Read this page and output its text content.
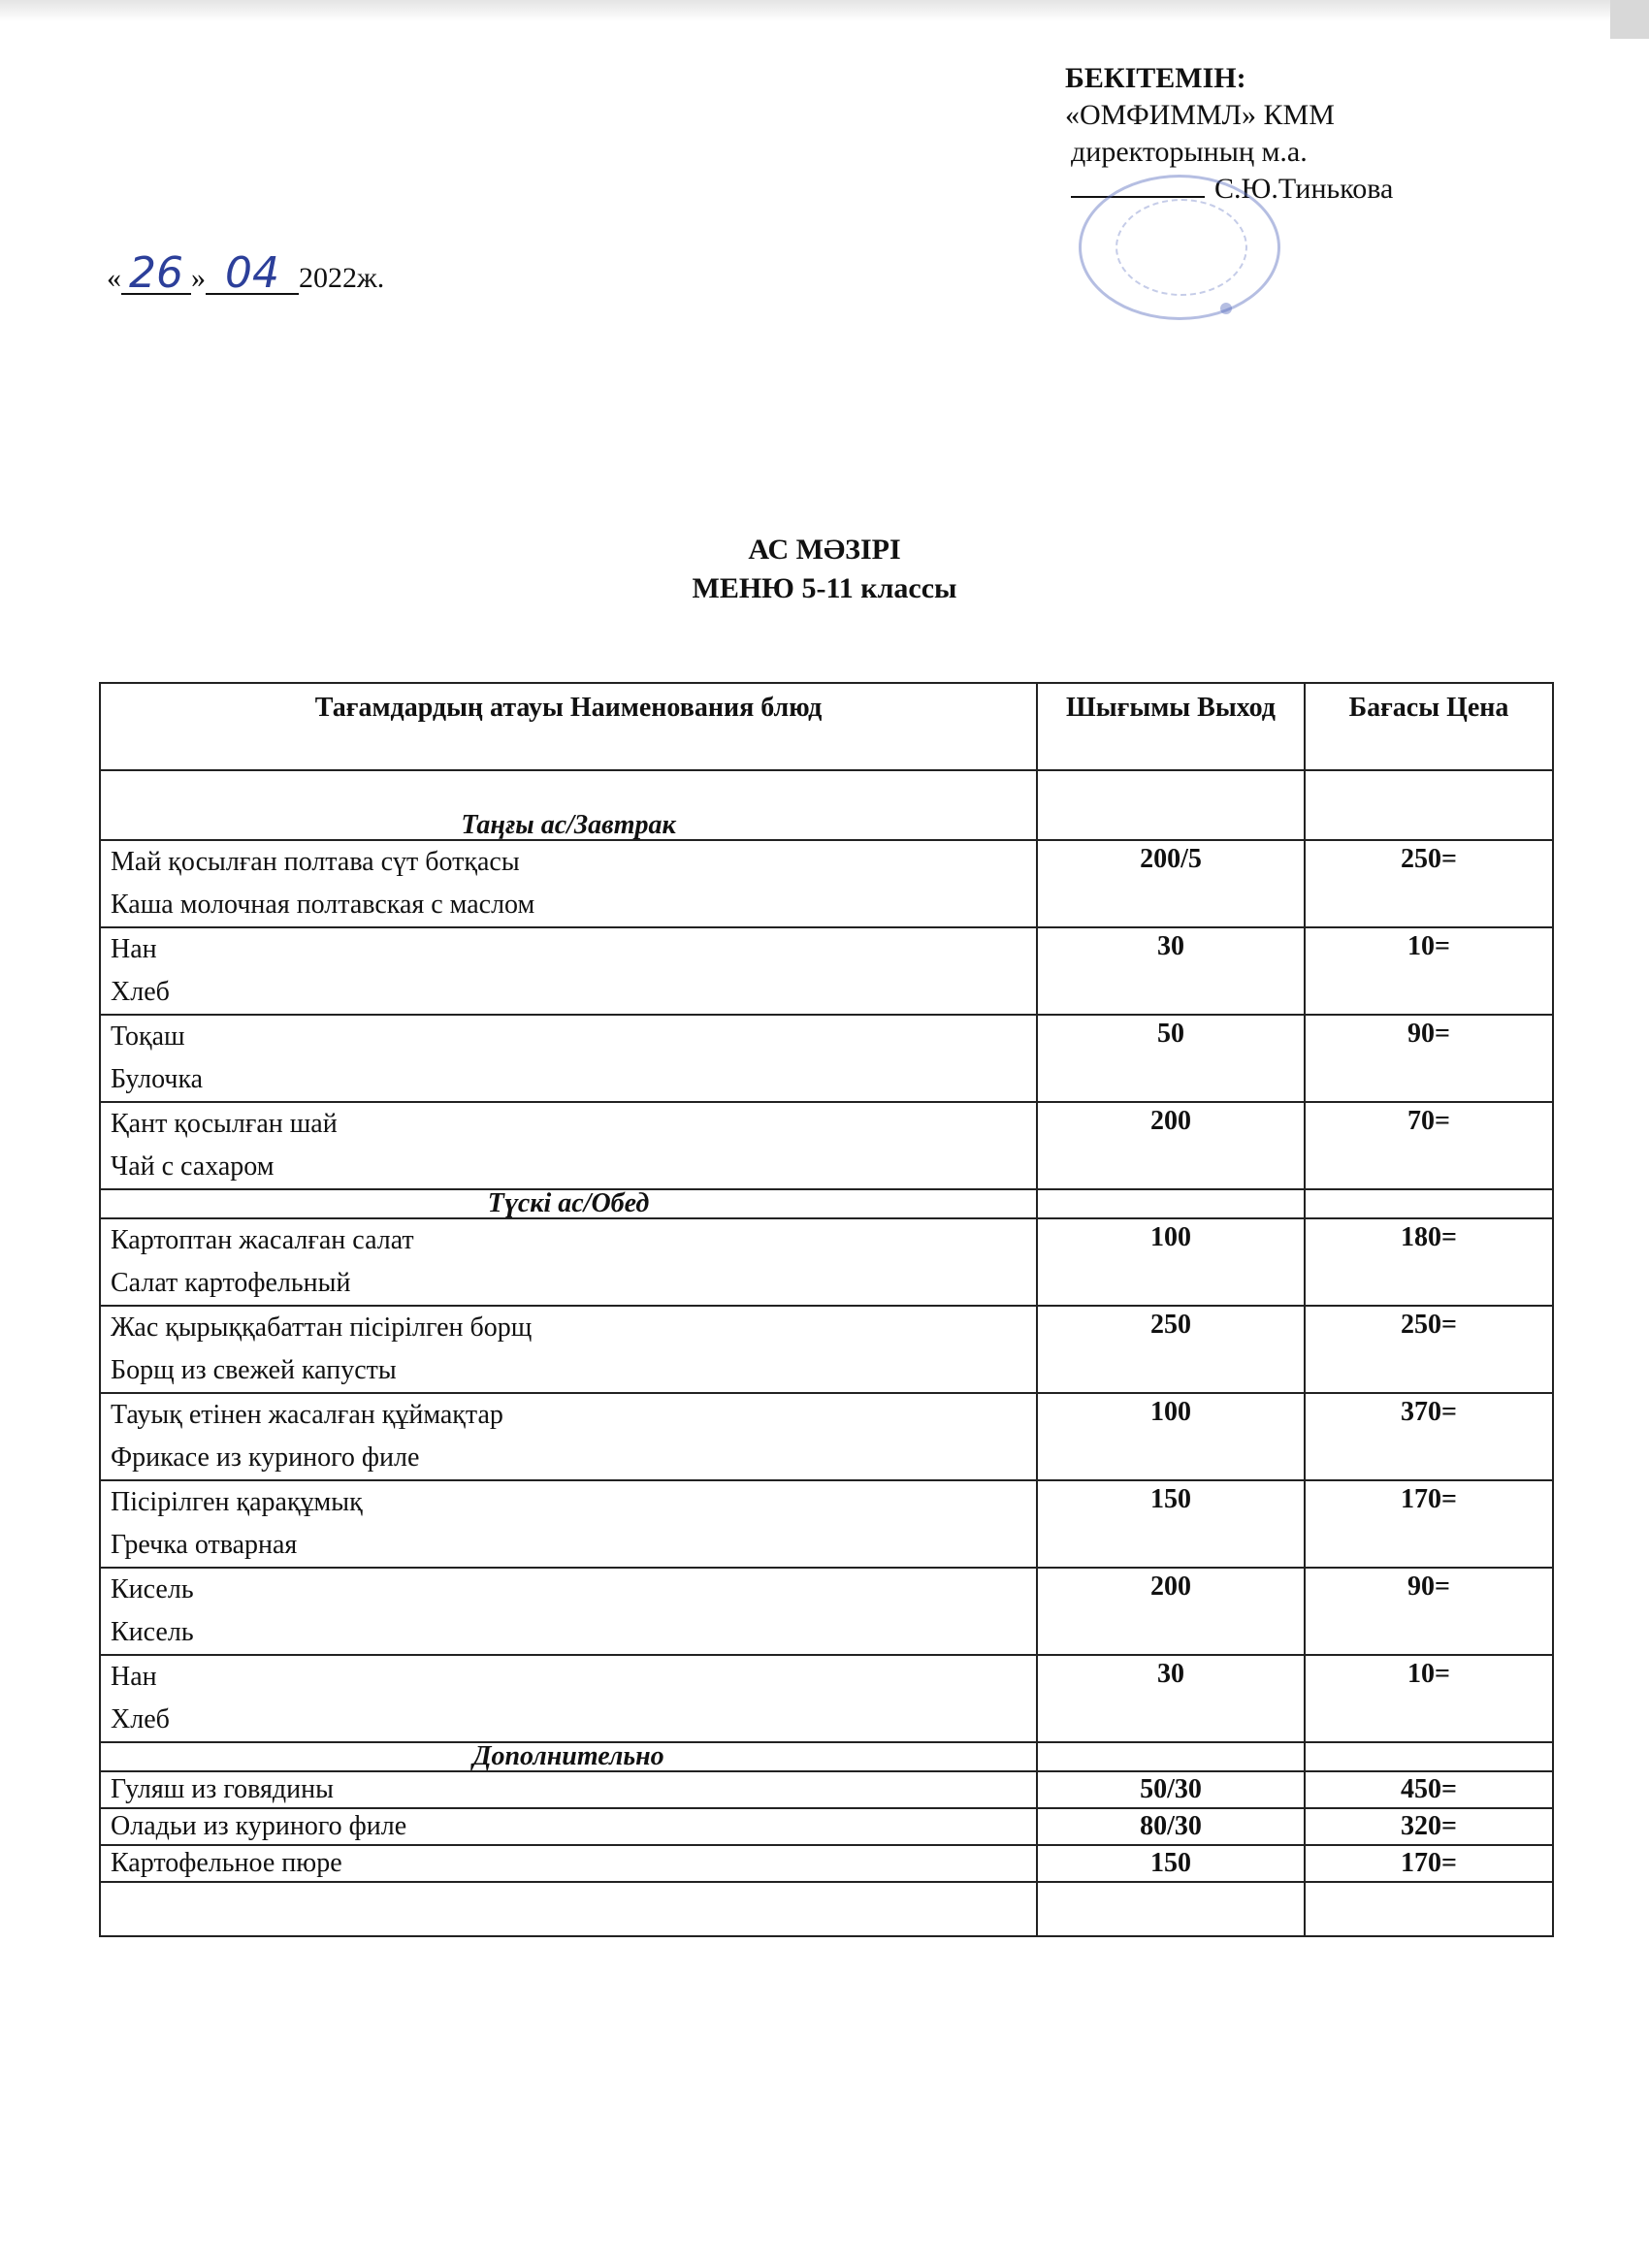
БЕКІТЕМІН:
«ОМФИММЛ» КММ
директорының м.а.
С.Ю.Тинькова
« 26 » 04 2022ж.
АС МӘЗІРІ
МЕНЮ 5-11 классы
Тағамдардың атауы Наименования блюд	Шығымы Выход	Бағасы Цена
Таңғы ас/Завтрак		

Май қосылған полтава сүт ботқасы
Каша молочная полтавская с маслом	200/5	250=

Нан
Хлеб	30	10=

Тоқаш
Булочка	50	90=

Қант қосылған шай
Чай с сахаром	200	70=
Түскі ас/Обед		

Картоптан жасалған салат
Салат картофельный	100	180=

Жас қырыққабаттан пісірілген борщ
Борщ из свежей капусты	250	250=

Тауық етінен жасалған құймақтар
Фрикасе из куриного филе	100	370=

Пісірілген қарақұмық
Гречка отварная	150	170=

Кисель
Кисель	200	90=

Нан
Хлеб	30	10=
Дополнительно		
Гуляш из говядины	50/30	450=
Оладьи из куриного филе	80/30	320=
Картофельное пюре	150	170=
